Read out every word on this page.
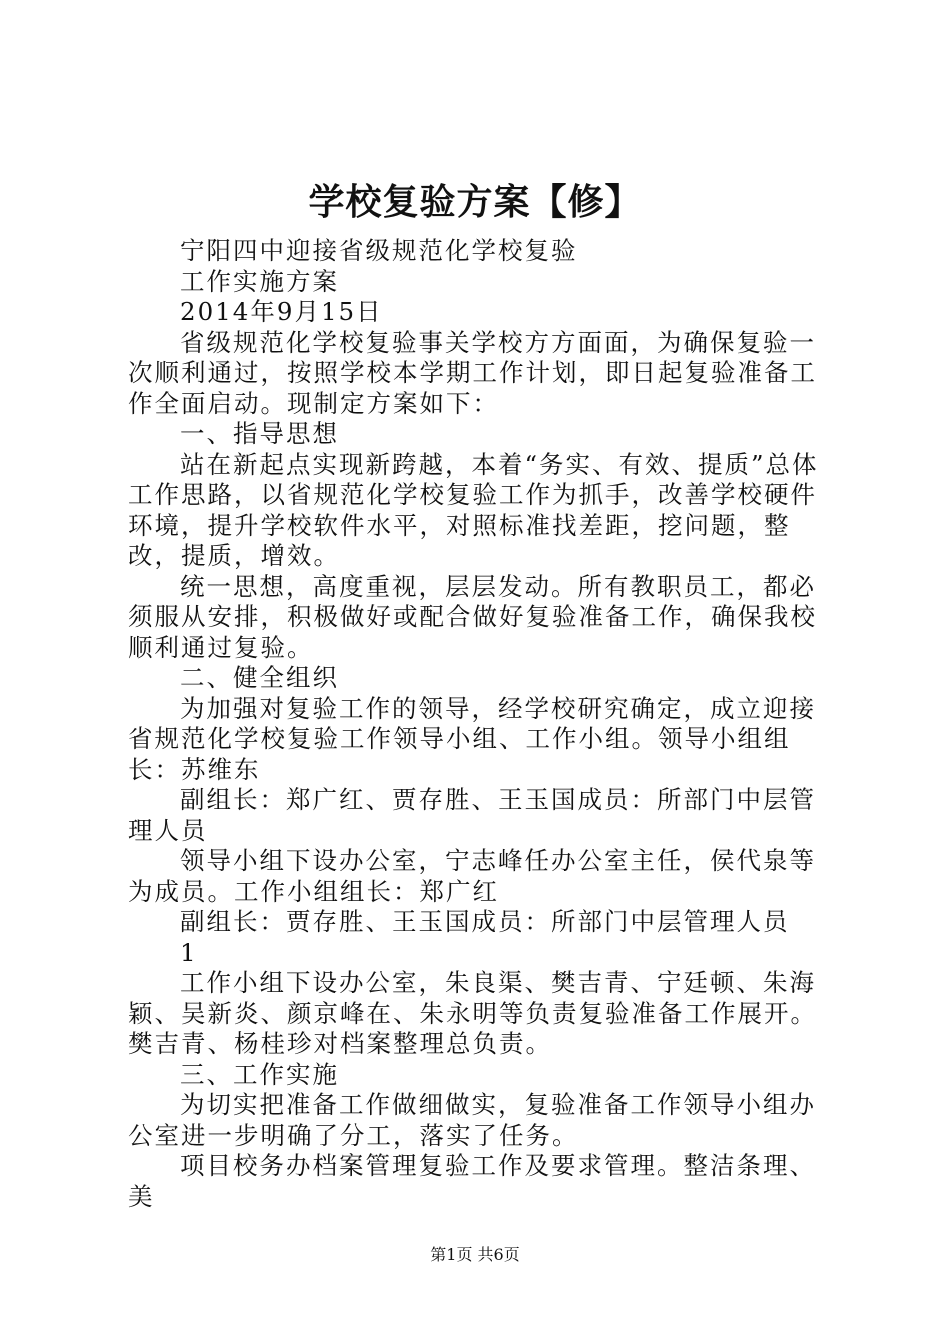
学校复验方案【修】

宁阳四中迎接省级规范化学校复验

工作实施方案

2014年9月15日

省级规范化学校复验事关学校方方面面，为确保复验一次顺利通过，按照学校本学期工作计划，即日起复验准备工作全面启动。现制定方案如下：

一、指导思想

站在新起点实现新跨越，本着“务实、有效、提质”总体工作思路，以省规范化学校复验工作为抓手，改善学校硬件环境，提升学校软件水平，对照标准找差距，挖问题，整改，提质，增效。

统一思想，高度重视，层层发动。所有教职员工，都必须服从安排，积极做好或配合做好复验准备工作，确保我校顺利通过复验。

二、健全组织

为加强对复验工作的领导，经学校研究确定，成立迎接省规范化学校复验工作领导小组、工作小组。领导小组组长：苏维东

副组长：郑广红、贾存胜、王玉国成员：所部门中层管理人员

领导小组下设办公室，宁志峰任办公室主任，侯代泉等为成员。工作小组组长：郑广红

副组长：贾存胜、王玉国成员：所部门中层管理人员

1

工作小组下设办公室，朱良渠、樊吉青、宁廷顿、朱海颖、吴新炎、颜京峰在、朱永明等负责复验准备工作展开。樊吉青、杨桂珍对档案整理总负责。

三、工作实施

为切实把准备工作做细做实，复验准备工作领导小组办公室进一步明确了分工，落实了任务。

项目校务办档案管理复验工作及要求管理。整洁条理、美

第1页 共6页
